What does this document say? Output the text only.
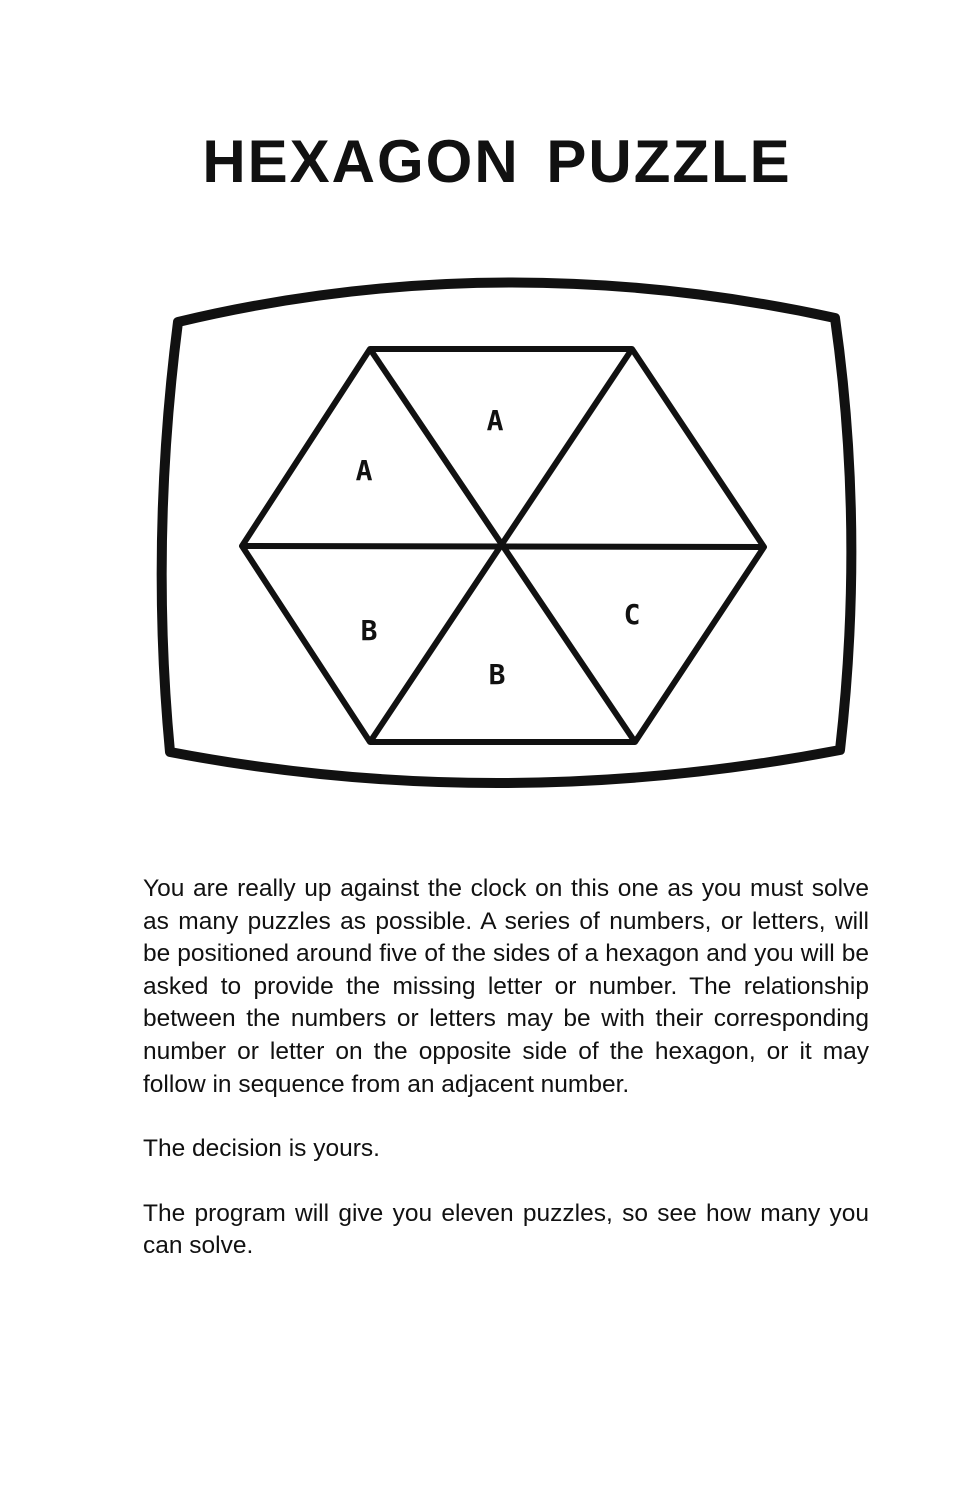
HEXAGON PUZZLE
A
A
B
B
C

You are really up against the clock on this one as you must solve as many puzzles as possible. A series of numbers, or letters, will be positioned around five of the sides of a hexagon and you will be asked to provide the missing letter or number. The relationship between the numbers or letters may be with their corresponding number or letter on the opposite side of the hexagon, or it may follow in sequence from an adjacent number.

The decision is yours.

The program will give you eleven puzzles, so see how many you can solve.
